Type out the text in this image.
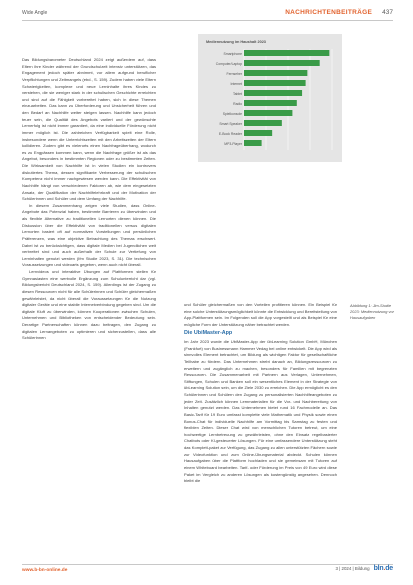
Wide Angle	NACHRICHTENBEITRÄGE 437
Mediennutzung im Haushalt 2023
Smartphone
Computer/Laptop
Fernseher
Internet
Tablet
Radio
Spielkonsole
Smart Speaker
E-Book Reader
MP3-Player
Abbildung 1: Jim-Studie 2023: Mediennutzung vor Hausaufgaben

Das Bildungsbarometer Deutschland 2024 zeigt außerdem auf, dass Eltern ihre Kinder während der Grundschulzeit intensiv unterstützen, das Engagement jedoch später abnimmt, vor allem aufgrund beruflicher Verpflichtungen und Zeitmangels (ebd., S. 159). Zudem haben viele Eltern Schwierigkeiten, komplexe und neue Lerninhalte ihres Kindes zu verstehen, die sie weniger stark in der schulischen Geschichte erreichten und sind auf die Fähigkeit vorbereitet haben, sich in diese Themen einzuarbeiten. Das kann zu Überforderung und Unsicherheit führen und den Bedarf an Nachhilfe weiter steigen lassen. Nachhilfe kann jedoch teuer sein, die Qualität des Angebots variiert und der gewünschte Lernerfolg ist nicht immer garantiert, da eine individuelle Förderung nicht immer möglich ist. Die zahlreichen Verfügbarkeit spielt eine Rolle, insbesondere wenn die Unterrichtszeiten mit den Arbeitszeiten der Eltern kollidieren. Zudem gibt es vielerorts einen Nachfrageüberhang, wodurch es zu Engpässen kommen kann, wenn die Nachfrage größer ist als das Angebot, besonders in bestimmten Regionen oder zu bestimmten Zeiten. Die Wirksamkeit von Nachhilfe ist in vielen Studien ein kontrovers diskutiertes Thema, dessen signifikante Verbesserung der schulischen Kompetenz nicht immer nachgewiesen werden kann. Die Effektivität von Nachhilfe hängt von verschiedenen Faktoren ab, wie dem eingesetzten Ansatz, der Qualifikation der Nachhilfelehrkraft und der Motivation der Schülerinnen und Schüler und dem Umfang der Nachhilfe.

In diesem Zusammenhang zeigen viele Studien, dass Online-Angebote das Potenzial haben, bestimmte Barrieren zu überwinden und als flexible Alternative zu traditionellen Lernorten dienen können. Die Diskussion über die Effektivität von traditionellen versus digitalen Lernorten basiert oft auf normativen Vorstellungen und persönlichen Präferenzen, was eine objektive Betrachtung des Themas erschwert. Dabei ist zu berücksichtigen, dass digitale Medien bei Jugendlichen weit verbreitet sind und auch außerhalb der Schule zur Vertiefung von Lerninhalten genutzt werden (Ifm Studie 2023, S. 31). Die technischen Voraussetzungen und videoarts gegeben, wenn auch nicht überall.

Lernvideos und interaktive Übungen auf Plattformen stellen für Gymnasiasten eine wertvolle Ergänzung zum Schulunterricht dar (vgl. Bildungsbericht Deutschland 2024, S. 159). Allerdings ist der Zugang zu diesen Ressourcen nicht für alle Schülerinnen und Schüler gleichermaßen gewährleistet, da nicht überall die Voraussetzungen für die Nutzung digitaler Geräte und eine stabile Internetverbindung gegeben sind. Um die digitale Kluft zu überwinden, können Kooperationen zwischen Schulen, Unternehmen und Bibliotheken von entscheidender Bedeutung sein. Derartige Partnerschaften können dazu beitragen, den Zugang zu digitalen Lernangeboten zu optimieren und sicherzustellen, dass alle Schülerinnen

und Schüler gleichermaßen von den Vorteilen profitieren können. Ein Beispiel für eine solche Unterstützungsmöglichkeit könnte die Entwicklung und Bereitstellung von App-Plattformen sein. Im Folgenden soll die App vorgestellt und als Beispiel für eine mögliche Form der Unterstützung näher betrachtet werden.

Die UbiMaster-App

Im Jahr 2023 wurde die UbiMaster-App der übLearning Solution GmbH, München (Frankfurt) von Businessmann Hammer Vedag bei online entwickelt. Die App wird als sinnvolles Element betrachtet, um Bildung als wichtigen Faktor für gesellschaftliche Teilhabe zu fördern. Das Unternehmen strebt danach an, Bildungsressourcen zu erweitern und zugänglich zu machen, besonders für Familien mit begrenzten Ressourcen. Die Zusammenarbeit mit Partnern aus Verlagen, Unternehmen, Stiftungen, Schulen und Banken soll ein wesentliches Element in der Strategie von übLearning Solution sein, um die Ziele 2030 zu erreichen. Die App ermöglicht es den Schülerinnen und Schülern den Zugang zu personalisierten Nachhilfeangeboten zu jeder Zeit. Zusätzlich können Lernmaterialien für die Vor- und Nachbereitung von Inhalten genutzt werden. Das Unternehmen bietet rund 16 Fachmodelle an. Das Basic-Tarif für 19 Euro umfasst komplette viele Mathematik und Physik sowie einen Bonus-Chat für individuelle Nachhilfe am Vormittag bis Samstag zu festen und flexiblen Zeiten. Dieser Chat wird von menschlichen Tutoren betreut, um eine hochwertige Lernbetreuung zu gewährleisten, ohne den Einsatz regelbasierter Chatbots oder KI-gesteuerter Lösungen. Für eine umfassendere Unterstützung steht das Komplett-paket zur Verfügung, das Zugang zu allen unterstützten Fächern sowie zur Videofunktion und zum Online-Übungsmaterial abdeckt. Schulen können Hausaufgaben über die Plattform hochladen und sie gemeinsam mit Tutoren auf einem Whiteboard bearbeiten. Tarif- oder Förderung im Preis von 49 Euro wird diese Paket im Vergleich zu anderen Lösungen als kostengünstig angesehen. Dennoch bleibt die

www.b-bn-online.de	3 | 2024 | Bildung bln.de
